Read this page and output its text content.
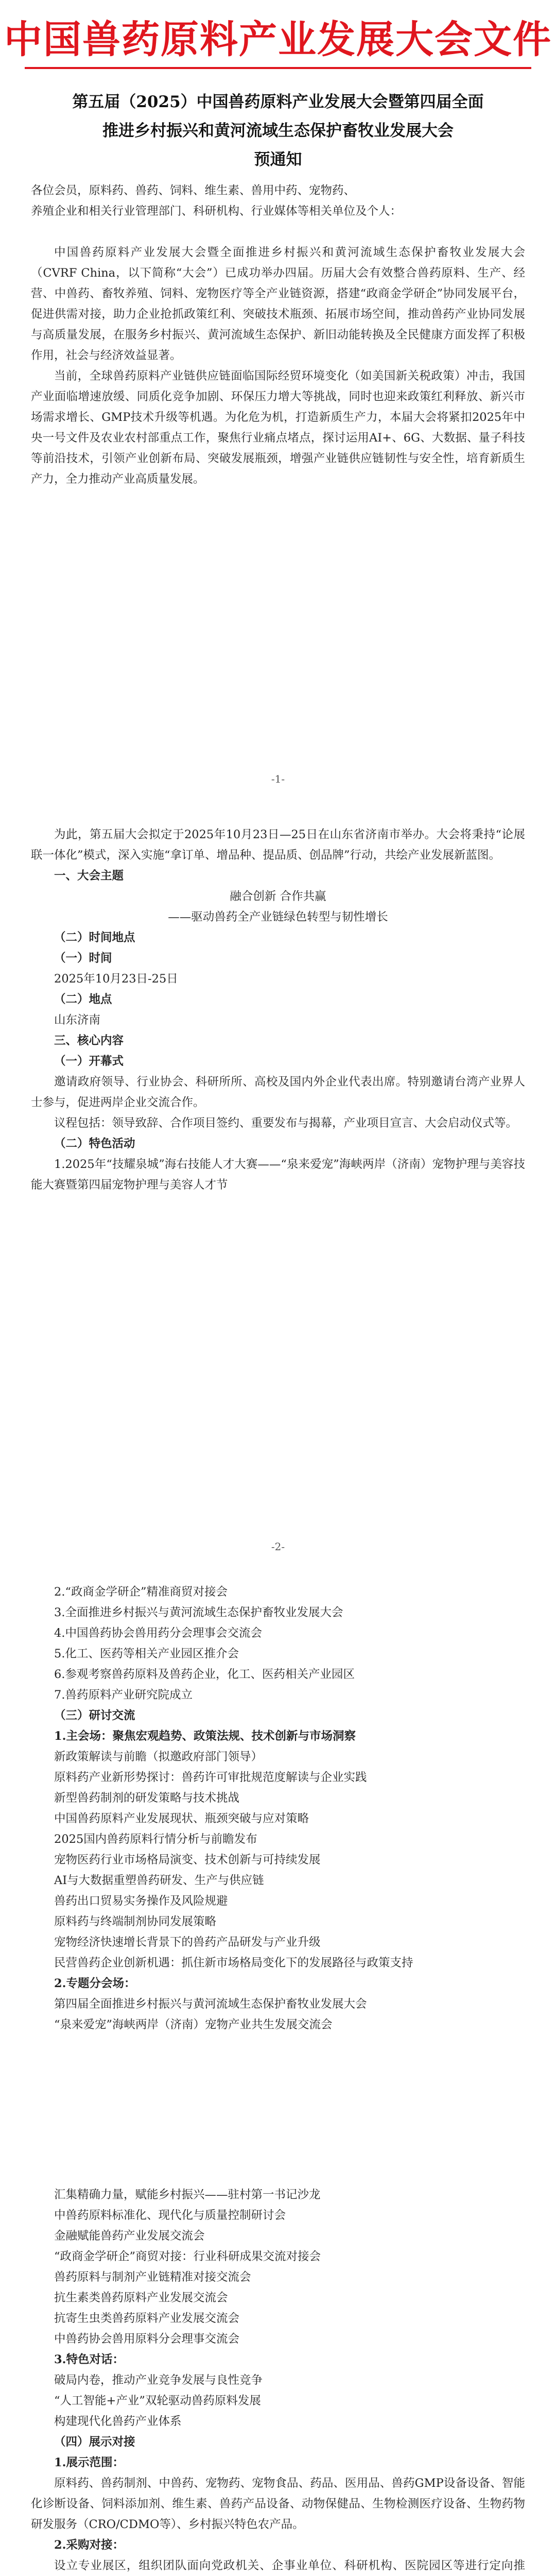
中国兽药原料产业发展大会文件
第五届（2025）中国兽药原料产业发展大会暨第四届全面
推进乡村振兴和黄河流域生态保护畜牧业发展大会
预通知

各位会员，原料药、兽药、饲料、维生素、兽用中药、宠物药、

养殖企业和相关行业管理部门、科研机构、行业媒体等相关单位及个人：

中国兽药原料产业发展大会暨全面推进乡村振兴和黄河流域生态保护畜牧业发展大会（CVRF China，以下简称“大会”）已成功举办四届。历届大会有效整合兽药原料、生产、经营、中兽药、畜牧养殖、饲料、宠物医疗等全产业链资源，搭建“政商金学研企”协同发展平台，促进供需对接，助力企业抢抓政策红利、突破技术瓶颈、拓展市场空间，推动兽药产业协同发展与高质量发展，在服务乡村振兴、黄河流域生态保护、新旧动能转换及全民健康方面发挥了积极作用，社会与经济效益显著。

当前，全球兽药原料产业链供应链面临国际经贸环境变化（如美国新关税政策）冲击，我国产业面临增速放缓、同质化竞争加剧、环保压力增大等挑战，同时也迎来政策红利释放、新兴市场需求增长、GMP技术升级等机遇。为化危为机，打造新质生产力，本届大会将紧扣2025年中央一号文件及农业农村部重点工作，聚焦行业痛点堵点，探讨运用AI+、6G、大数据、量子科技等前沿技术，引领产业创新布局、突破发展瓶颈，增强产业链供应链韧性与安全性，培育新质生产力，全力推动产业高质量发展。

-1-

为此，第五届大会拟定于2025年10月23日—25日在山东省济南市举办。大会将秉持“论展联一体化”模式，深入实施“拿订单、增品种、提品质、创品牌”行动，共绘产业发展新蓝图。

一、大会主题

融合创新 合作共赢

——驱动兽药全产业链绿色转型与韧性增长

（二）时间地点

（一）时间

2025年10月23日-25日

（二）地点

山东济南

三、核心内容

（一）开幕式

邀请政府领导、行业协会、科研所所、高校及国内外企业代表出席。特别邀请台湾产业界人士参与，促进两岸企业交流合作。

议程包括：领导致辞、合作项目签约、重要发布与揭幕，产业项目宣言、大会启动仪式等。

（二）特色活动

1.2025年“技耀泉城”海右技能人才大赛——“泉来爱宠”海峡两岸（济南）宠物护理与美容技能大赛暨第四届宠物护理与美容人才节

-2-

2.“政商金学研企”精准商贸对接会

3.全面推进乡村振兴与黄河流域生态保护畜牧业发展大会

4.中国兽药协会兽用药分会理事会交流会

5.化工、医药等相关产业园区推介会

6.参观考察兽药原料及兽药企业，化工、医药相关产业园区

7.兽药原料产业研究院成立

（三）研讨交流

1.主会场：聚焦宏观趋势、政策法规、技术创新与市场洞察

新政策解读与前瞻（拟邀政府部门领导）

原料药产业新形势探讨：兽药许可审批规范度解读与企业实践

新型兽药制剂的研发策略与技术挑战

中国兽药原料产业发展现状、瓶颈突破与应对策略

2025国内兽药原料行情分析与前瞻发布

宠物医药行业市场格局演变、技术创新与可持续发展

AI与大数据重塑兽药研发、生产与供应链

兽药出口贸易实务操作及风险规避

原料药与终端制剂协同发展策略

宠物经济快速增长背景下的兽药产品研发与产业升级

民营兽药企业创新机遇：抓住新市场格局变化下的发展路径与政策支持

2.专题分会场：

第四届全面推进乡村振兴与黄河流域生态保护畜牧业发展大会

“泉来爱宠”海峡两岸（济南）宠物产业共生发展交流会

汇集精确力量，赋能乡村振兴——驻村第一书记沙龙

中兽药原料标准化、现代化与质量控制研讨会

金融赋能兽药产业发展交流会

“政商金学研企”商贸对接：行业科研成果交流对接会

兽药原料与制剂产业链精准对接交流会

抗生素类兽药原料产业发展交流会

抗寄生虫类兽药原料产业发展交流会

中兽药协会兽用原料分会理事交流会

3.特色对话：

破局内卷，推动产业竞争发展与良性竞争

“人工智能+产业”双轮驱动兽药原料发展

构建现代化兽药产业体系

（四）展示对接

1.展示范围：

原料药、兽药制剂、中兽药、宠物药、宠物食品、药品、医用品、兽药GMP设备设备、智能化诊断设备、饲料添加剂、维生素、兽药产品设备、动物保健品、生物检测医疗设备、生物药物研发服务（CRO/CDMO等）、乡村振兴特色农产品。

2.采购对接：

设立专业展区，组织团队面向党政机关、企事业单位、科研机构、医院园区等进行定向推
